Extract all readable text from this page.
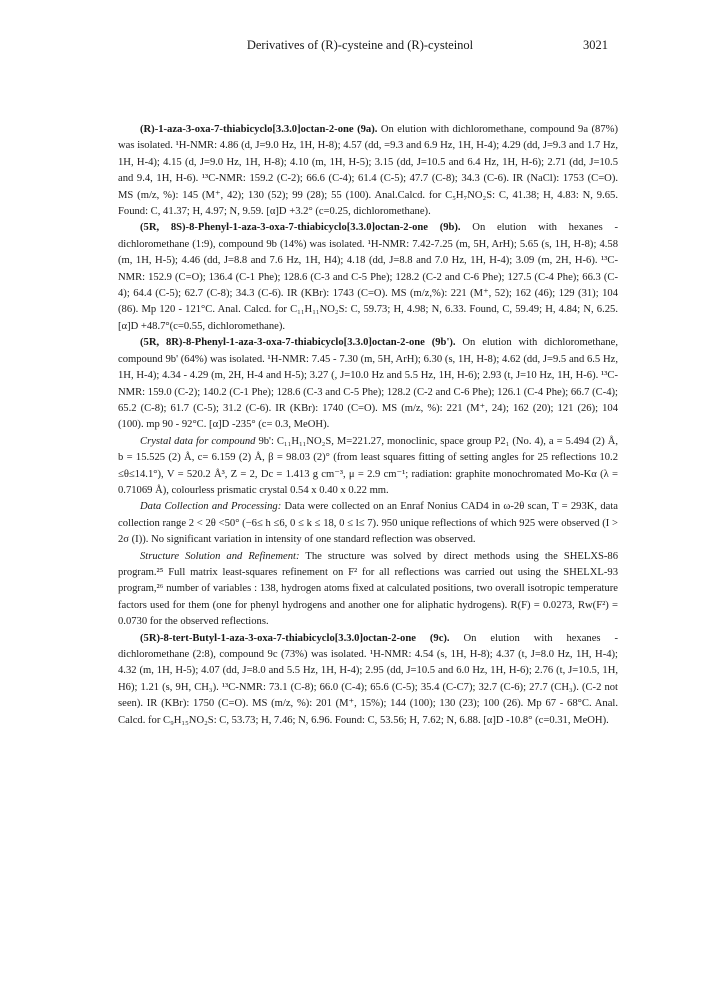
Derivatives of (R)-cysteine and (R)-cysteinol	3021

(R)-1-aza-3-oxa-7-thiabicyclo[3.3.0]octan-2-one (9a). On elution with dichloromethane, compound 9a (87%) was isolated. ¹H-NMR: 4.86 (d, J=9.0 Hz, 1H, H-8); 4.57 (dd, =9.3 and 6.9 Hz, 1H, H-4); 4.29 (dd, J=9.3 and 1.7 Hz, 1H, H-4); 4.15 (d, J=9.0 Hz, 1H, H-8); 4.10 (m, 1H, H-5); 3.15 (dd, J=10.5 and 6.4 Hz, 1H, H-6); 2.71 (dd, J=10.5 and 9.4, 1H, H-6). ¹³C-NMR: 159.2 (C-2); 66.6 (C-4); 61.4 (C-5); 47.7 (C-8); 34.3 (C-6). IR (NaCl): 1753 (C=O). MS (m/z, %): 145 (M⁺, 42); 130 (52); 99 (28); 55 (100). Anal.Calcd. for C₅H₇NO₂S: C, 41.38; H, 4.83: N, 9.65. Found: C, 41.37; H, 4.97; N, 9.59. [α]D +3.2° (c=0.25, dichloromethane).

(5R, 8S)-8-Phenyl-1-aza-3-oxa-7-thiabicyclo[3.3.0]octan-2-one (9b). On elution with hexanes - dichloromethane (1:9), compound 9b (14%) was isolated. ¹H-NMR: 7.42-7.25 (m, 5H, ArH); 5.65 (s, 1H, H-8); 4.58 (m, 1H, H-5); 4.46 (dd, J=8.8 and 7.6 Hz, 1H, H4); 4.18 (dd, J=8.8 and 7.0 Hz, 1H, H-4); 3.09 (m, 2H, H-6). ¹³C-NMR: 152.9 (C=O); 136.4 (C-1 Phe); 128.6 (C-3 and C-5 Phe); 128.2 (C-2 and C-6 Phe); 127.5 (C-4 Phe); 66.3 (C-4); 64.4 (C-5); 62.7 (C-8); 34.3 (C-6). IR (KBr): 1743 (C=O). MS (m/z,%): 221 (M⁺, 52); 162 (46); 129 (31); 104 (86). Mp 120 - 121°C. Anal. Calcd. for C₁₁H₁₁NO₂S: C, 59.73; H, 4.98; N, 6.33. Found, C, 59.49; H, 4.84; N, 6.25. [α]D +48.7°(c=0.55, dichloromethane).

(5R, 8R)-8-Phenyl-1-aza-3-oxa-7-thiabicyclo[3.3.0]octan-2-one (9b'). On elution with dichloromethane, compound 9b' (64%) was isolated. ¹H-NMR: 7.45 - 7.30 (m, 5H, ArH); 6.30 (s, 1H, H-8); 4.62 (dd, J=9.5 and 6.5 Hz, 1H, H-4); 4.34 - 4.29 (m, 2H, H-4 and H-5); 3.27 (, J=10.0 Hz and 5.5 Hz, 1H, H-6); 2.93 (t, J=10 Hz, 1H, H-6). ¹³C-NMR: 159.0 (C-2); 140.2 (C-1 Phe); 128.6 (C-3 and C-5 Phe); 128.2 (C-2 and C-6 Phe); 126.1 (C-4 Phe); 66.7 (C-4); 65.2 (C-8); 61.7 (C-5); 31.2 (C-6). IR (KBr): 1740 (C=O). MS (m/z, %): 221 (M⁺, 24); 162 (20); 121 (26); 104 (100). mp 90 - 92°C. [α]D -235° (c= 0.3, MeOH).

Crystal data for compound 9b': C₁₁H₁₁NO₂S, M=221.27, monoclinic, space group P2₁ (No. 4), a = 5.494 (2) Å, b = 15.525 (2) Å, c= 6.159 (2) Å, β = 98.03 (2)° (from least squares fitting of setting angles for 25 reflections 10.2 ≤θ≤14.1°), V = 520.2 Å³, Z = 2, Dc = 1.413 g cm⁻³, μ = 2.9 cm⁻¹; radiation: graphite monochromated Mo-Kα (λ = 0.71069 Å), colourless prismatic crystal 0.54 x 0.40 x 0.22 mm.

Data Collection and Processing: Data were collected on an Enraf Nonius CAD4 in ω-2θ scan, T = 293K, data collection range 2 < 2θ <50° (−6≤ h ≤6, 0 ≤ k ≤ 18, 0 ≤ l≤ 7). 950 unique reflections of which 925 were observed (I > 2σ (I)). No significant variation in intensity of one standard reflection was observed.

Structure Solution and Refinement: The structure was solved by direct methods using the SHELXS-86 program.²⁵ Full matrix least-squares refinement on F² for all reflections was carried out using the SHELXL-93 program,²⁶ number of variables : 138, hydrogen atoms fixed at calculated positions, two overall isotropic temperature factors used for them (one for phenyl hydrogens and another one for aliphatic hydrogens). R(F) = 0.0273, Rw(F²) = 0.0730 for the observed reflections.

(5R)-8-tert-Butyl-1-aza-3-oxa-7-thiabicyclo[3.3.0]octan-2-one (9c). On elution with hexanes - dichloromethane (2:8), compound 9c (73%) was isolated. ¹H-NMR: 4.54 (s, 1H, H-8); 4.37 (t, J=8.0 Hz, 1H, H-4); 4.32 (m, 1H, H-5); 4.07 (dd, J=8.0 and 5.5 Hz, 1H, H-4); 2.95 (dd, J=10.5 and 6.0 Hz, 1H, H-6); 2.76 (t, J=10.5, 1H, H6); 1.21 (s, 9H, CH₃). ¹³C-NMR: 73.1 (C-8); 66.0 (C-4); 65.6 (C-5); 35.4 (C-C7); 32.7 (C-6); 27.7 (CH₃). (C-2 not seen). IR (KBr): 1750 (C=O). MS (m/z, %): 201 (M⁺, 15%); 144 (100); 130 (23); 100 (26). Mp 67 - 68°C. Anal. Calcd. for C₉H₁₅NO₂S: C, 53.73; H, 7.46; N, 6.96. Found: C, 53.56; H, 7.62; N, 6.88. [α]D -10.8° (c=0.31, MeOH).
